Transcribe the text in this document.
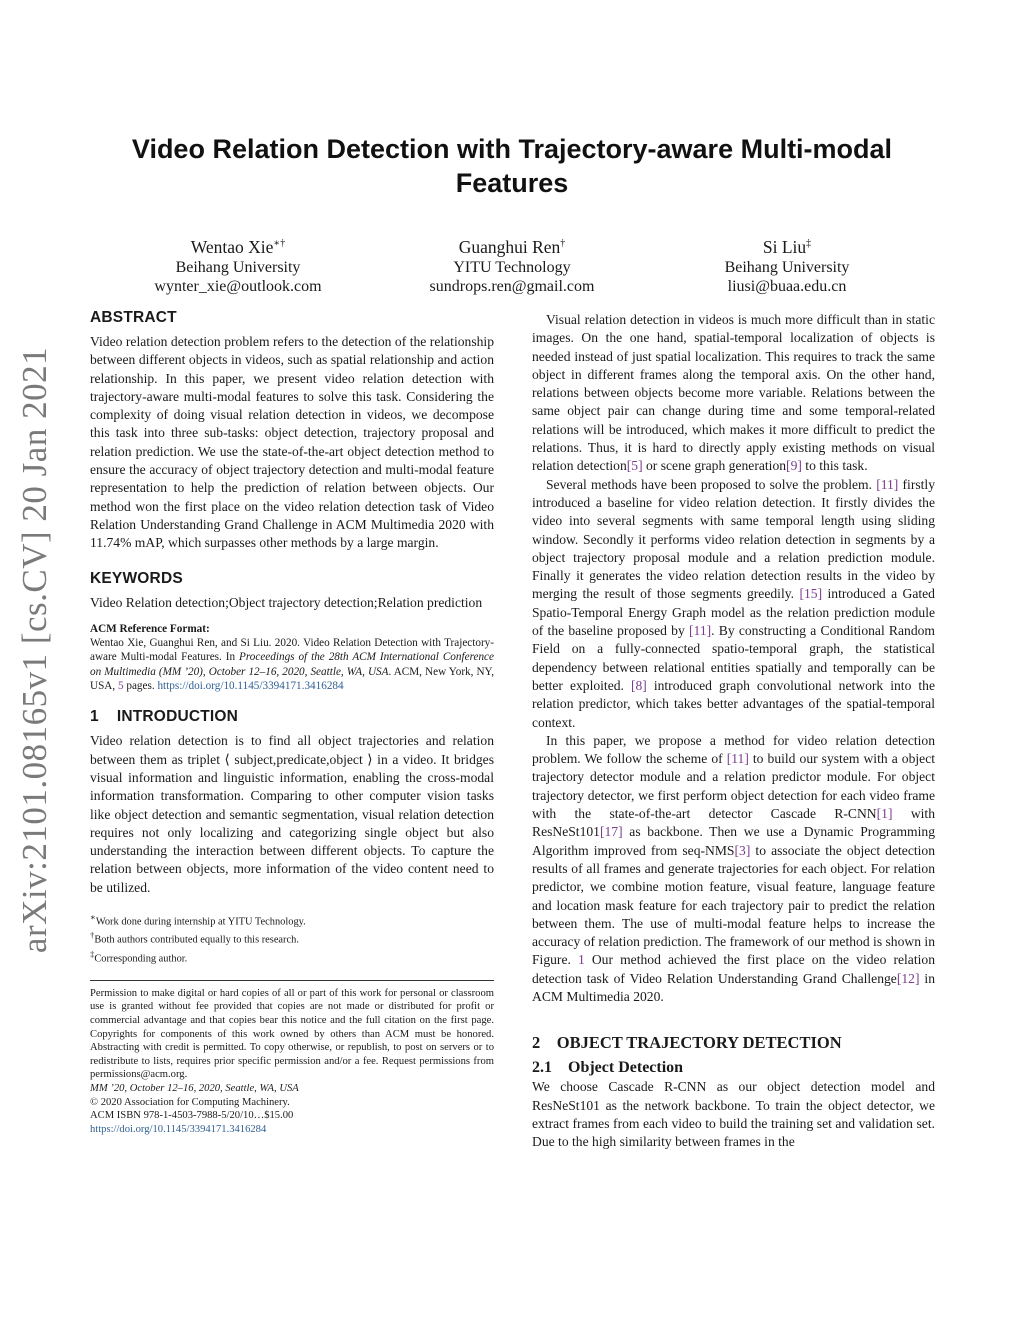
Video Relation Detection with Trajectory-aware Multi-modal
Features
Wentao Xie∗†
Beihang University
wynter_xie@outlook.com
Guanghui Ren†
YITU Technology
sundrops.ren@gmail.com
Si Liu‡
Beihang University
liusi@buaa.edu.cn
arXiv:2101.08165v1 [cs.CV] 20 Jan 2021
ABSTRACT

Video relation detection problem refers to the detection of the relationship between different objects in videos, such as spatial relationship and action relationship. In this paper, we present video relation detection with trajectory-aware multi-modal features to solve this task. Considering the complexity of doing visual relation detection in videos, we decompose this task into three sub-tasks: object detection, trajectory proposal and relation prediction. We use the state-of-the-art object detection method to ensure the accuracy of object trajectory detection and multi-modal feature representation to help the prediction of relation between objects. Our method won the first place on the video relation detection task of Video Relation Understanding Grand Challenge in ACM Multimedia 2020 with 11.74% mAP, which surpasses other methods by a large margin.

KEYWORDS

Video Relation detection;Object trajectory detection;Relation prediction

ACM Reference Format:
Wentao Xie, Guanghui Ren, and Si Liu. 2020. Video Relation Detection with Trajectory-aware Multi-modal Features. In Proceedings of the 28th ACM International Conference on Multimedia (MM ’20), October 12–16, 2020, Seattle, WA, USA. ACM, New York, NY, USA, 5 pages. https://doi.org/10.1145/3394171.3416284
1    INTRODUCTION

Video relation detection is to find all object trajectories and relation between them as triplet ⟨ subject,predicate,object ⟩ in a video. It bridges visual information and linguistic information, enabling the cross-modal information transformation. Comparing to other computer vision tasks like object detection and semantic segmentation, visual relation detection requires not only localizing and categorizing single object but also understanding the interaction between different objects. To capture the relation between objects, more information of the video content need to be utilized.

∗Work done during internship at YITU Technology.
†Both authors contributed equally to this research.
‡Corresponding author.
Permission to make digital or hard copies of all or part of this work for personal or classroom use is granted without fee provided that copies are not made or distributed for profit or commercial advantage and that copies bear this notice and the full citation on the first page. Copyrights for components of this work owned by others than ACM must be honored. Abstracting with credit is permitted. To copy otherwise, or republish, to post on servers or to redistribute to lists, requires prior specific permission and/or a fee. Request permissions from permissions@acm.org.
MM ’20, October 12–16, 2020, Seattle, WA, USA
© 2020 Association for Computing Machinery.
ACM ISBN 978-1-4503-7988-5/20/10…$15.00
https://doi.org/10.1145/3394171.3416284

Visual relation detection in videos is much more difficult than in static images. On the one hand, spatial-temporal localization of objects is needed instead of just spatial localization. This requires to track the same object in different frames along the temporal axis. On the other hand, relations between objects become more variable. Relations between the same object pair can change during time and some temporal-related relations will be introduced, which makes it more difficult to predict the relations. Thus, it is hard to directly apply existing methods on visual relation detection[5] or scene graph generation[9] to this task.

Several methods have been proposed to solve the problem. [11] firstly introduced a baseline for video relation detection. It firstly divides the video into several segments with same temporal length using sliding window. Secondly it performs video relation detection in segments by a object trajectory proposal module and a relation prediction module. Finally it generates the video relation detection results in the video by merging the result of those segments greedily. [15] introduced a Gated Spatio-Temporal Energy Graph model as the relation prediction module of the baseline proposed by [11]. By constructing a Conditional Random Field on a fully-connected spatio-temporal graph, the statistical dependency between relational entities spatially and temporally can be better exploited. [8] introduced graph convolutional network into the relation predictor, which takes better advantages of the spatial-temporal context.

In this paper, we propose a method for video relation detection problem. We follow the scheme of [11] to build our system with a object trajectory detector module and a relation predictor module. For object trajectory detector, we first perform object detection for each video frame with the state-of-the-art detector Cascade R-CNN[1] with ResNeSt101[17] as backbone. Then we use a Dynamic Programming Algorithm improved from seq-NMS[3] to associate the object detection results of all frames and generate trajectories for each object. For relation predictor, we combine motion feature, visual feature, language feature and location mask feature for each trajectory pair to predict the relation between them. The use of multi-modal feature helps to increase the accuracy of relation prediction. The framework of our method is shown in Figure. 1 Our method achieved the first place on the video relation detection task of Video Relation Understanding Grand Challenge[12] in ACM Multimedia 2020.

2    OBJECT TRAJECTORY DETECTION
2.1    Object Detection

We choose Cascade R-CNN as our object detection model and ResNeSt101 as the network backbone. To train the object detector, we extract frames from each video to build the training set and validation set. Due to the high similarity between frames in the
